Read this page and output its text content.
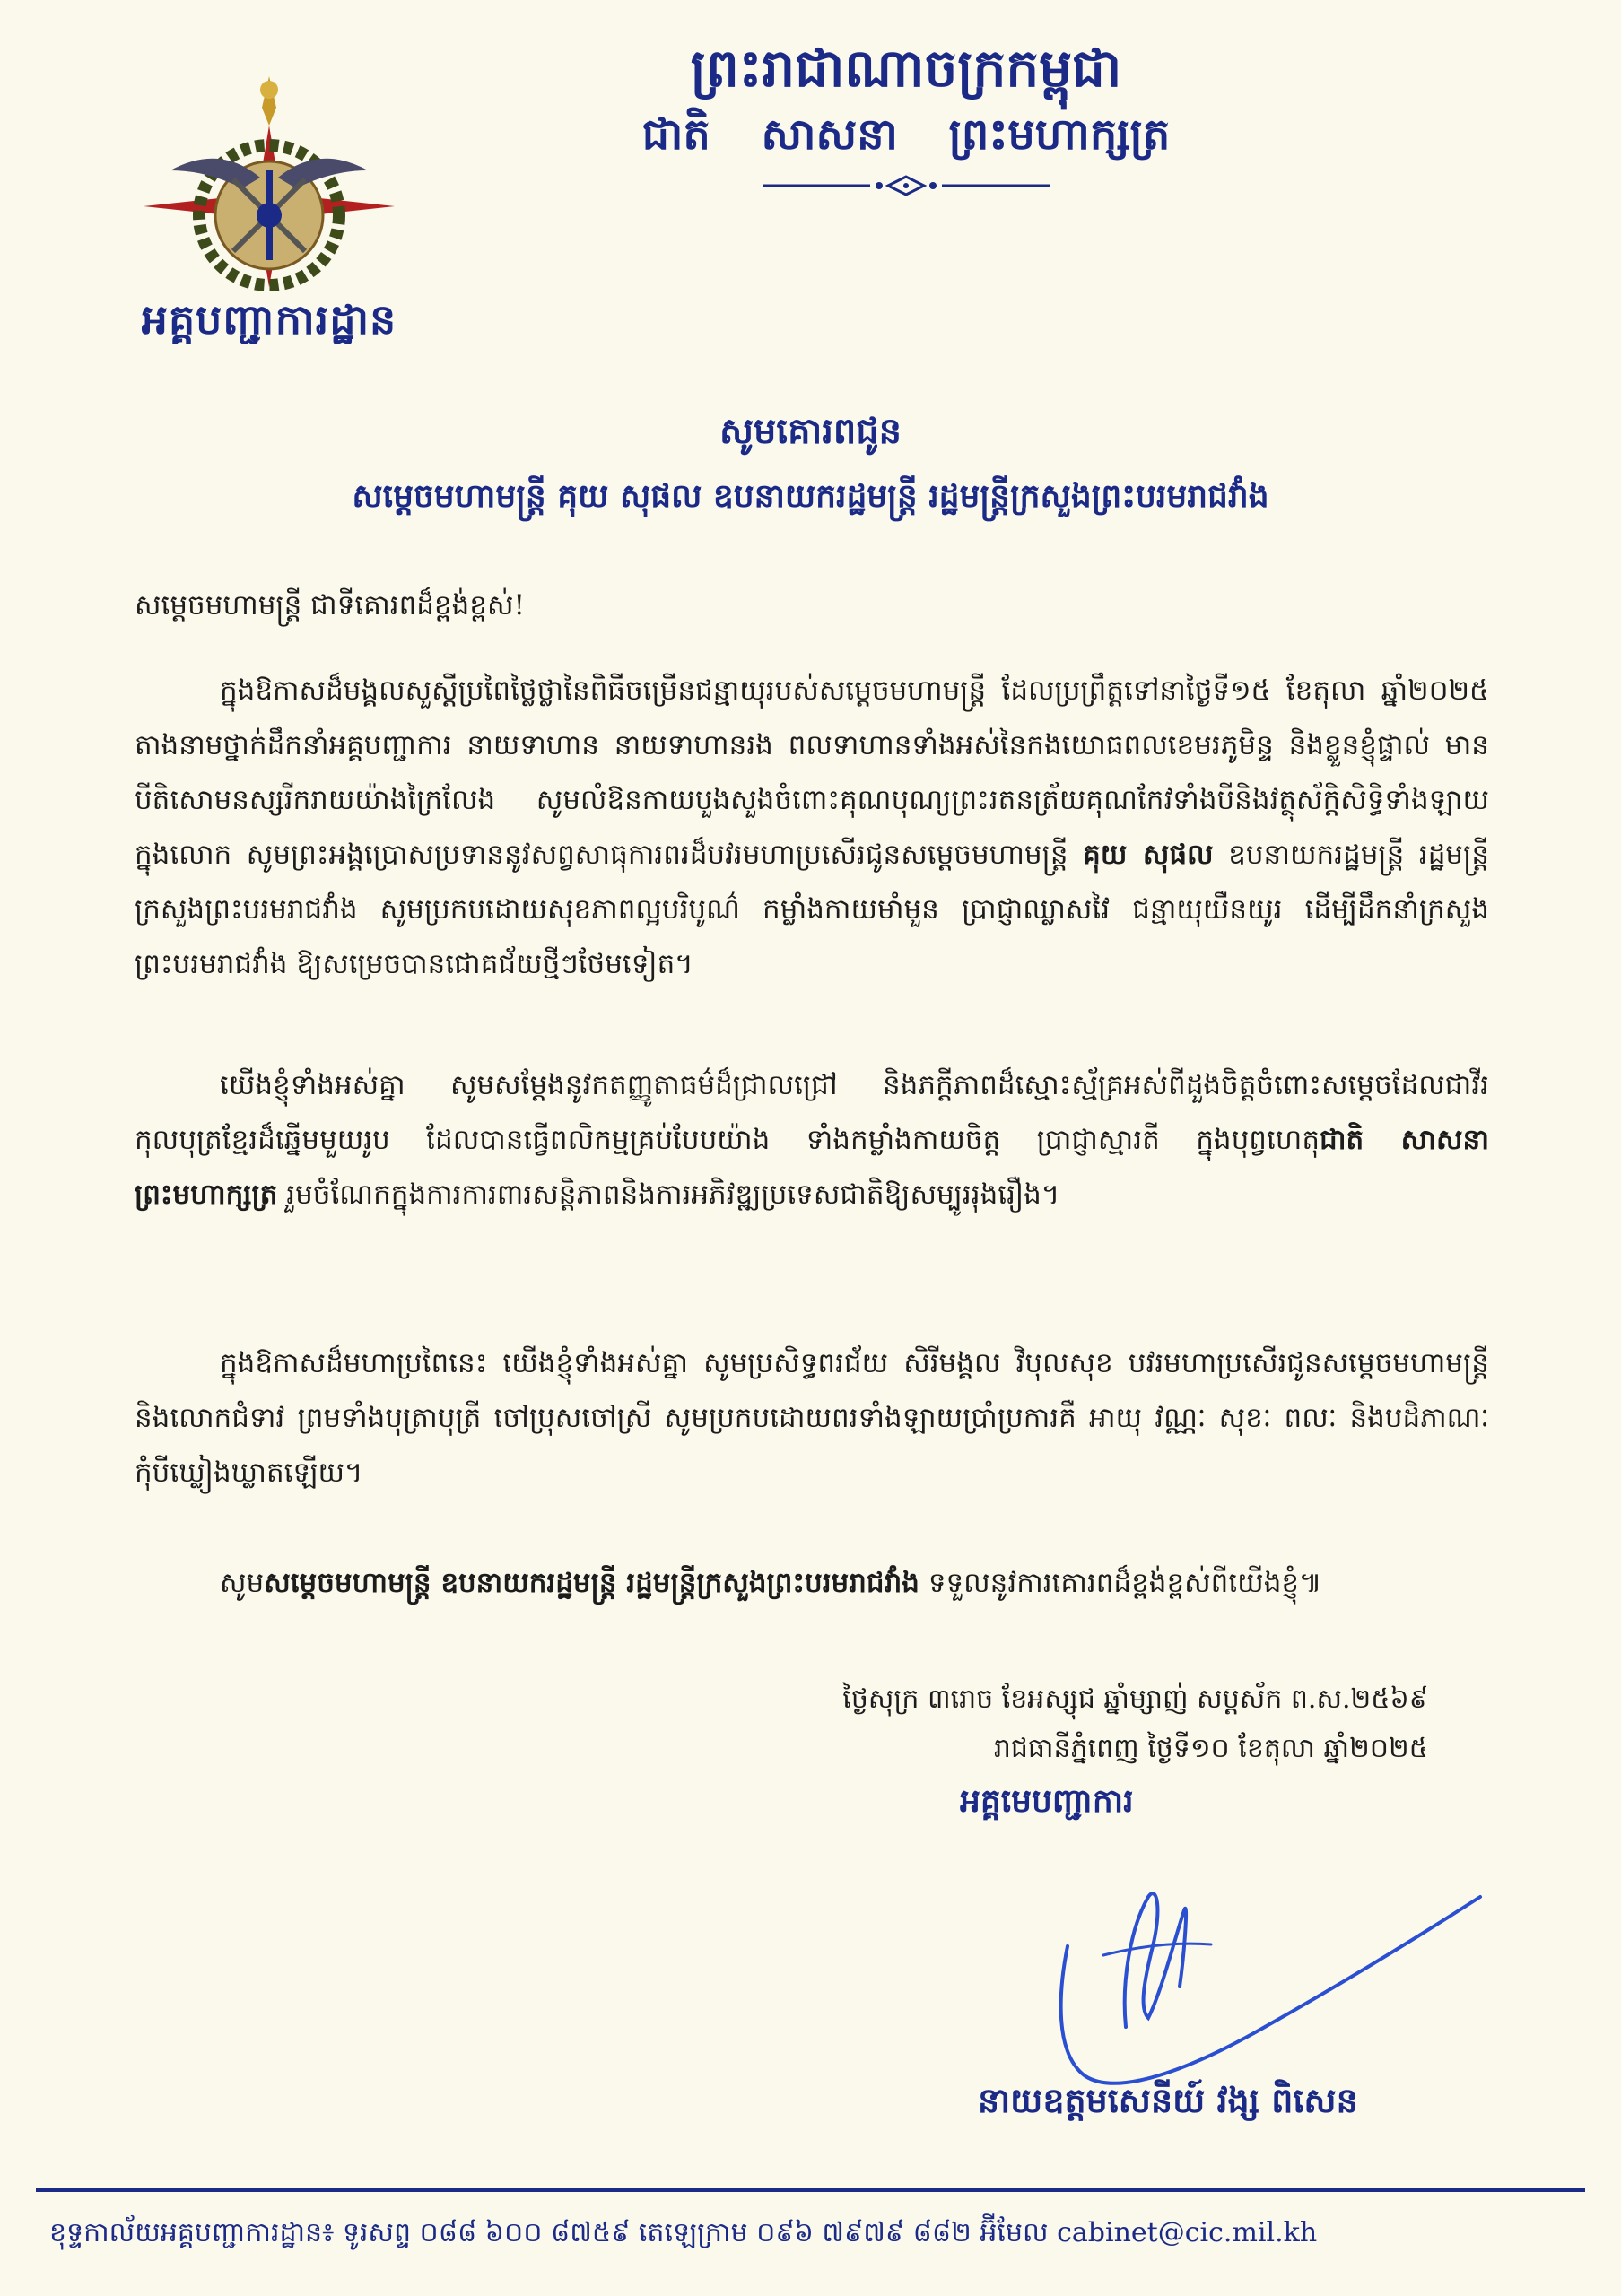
អគ្គបញ្ជាការដ្ឋាន
ព្រះរាជាណាចក្រកម្ពុជា
ជាតិ សាសនា ព្រះមហាក្សត្រ
សូមគោរពជូន
សម្ដេចមហាមន្ត្រី គុយ សុផល ឧបនាយករដ្ឋមន្ត្រី រដ្ឋមន្ត្រីក្រសួងព្រះបរមរាជវាំង
សម្តេចមហាមន្ត្រី ជាទីគោរពដ៏ខ្ពង់ខ្ពស់!
ក្នុងឱកាសដ៏មង្គលសួស្តីប្រពៃថ្លៃថ្លានៃពិធីចម្រើនជន្មាយុរបស់សម្តេចមហាមន្ត្រី ដែលប្រព្រឹត្តទៅនាថ្ងៃទី១៥ ខែតុលា ឆ្នាំ២០២៥ តាងនាមថ្នាក់ដឹកនាំអគ្គបញ្ជាការ នាយទាហាន នាយទាហានរង ពលទាហានទាំងអស់នៃកងយោធពលខេមរភូមិន្ទ និងខ្លួនខ្ញុំផ្ទាល់ មានបីតិសោមនស្សរីករាយយ៉ាងក្រៃលែង សូមលំឱនកាយបួងសួងចំពោះគុណបុណ្យព្រះរតនត្រ័យគុណកែវទាំងបីនិងវត្ថុស័ក្តិសិទ្ធិទាំងឡាយក្នុងលោក សូមព្រះអង្គប្រោសប្រទាននូវសព្វសាធុការពរដ៏បវរមហាប្រសើរជូនសម្តេចមហាមន្ត្រី គុយ សុផល ឧបនាយករដ្ឋមន្ត្រី រដ្ឋមន្ត្រីក្រសួងព្រះបរមរាជវាំង សូមប្រកបដោយសុខភាពល្អបរិបូណ៌ កម្លាំងកាយមាំមួន ប្រាជ្ញាឈ្លាសវៃ ជន្មាយុយឺនយូរ ដើម្បីដឹកនាំក្រសួងព្រះបរមរាជវាំង ឱ្យសម្រេចបានជោគជ័យថ្មីៗថែមទៀត។
យើងខ្ញុំទាំងអស់គ្នា សូមសម្តែងនូវកតញ្ញូតាធម៌ដ៏ជ្រាលជ្រៅ និងភក្តីភាពដ៏ស្មោះស្ម័គ្រអស់ពីដួងចិត្តចំពោះសម្តេចដែលជាវីរកុលបុត្រខ្មែរដ៏ឆ្នើមមួយរូប ដែលបានធ្វើពលិកម្មគ្រប់បែបយ៉ាង ទាំងកម្លាំងកាយចិត្ត ប្រាជ្ញាស្មារតី ក្នុងបុព្វហេតុជាតិ សាសនា ព្រះមហាក្សត្រ រួមចំណែកក្នុងការការពារសន្តិភាពនិងការអភិវឌ្ឍប្រទេសជាតិឱ្យសម្បូររុងរឿង។
ក្នុងឱកាសដ៏មហាប្រពៃនេះ យើងខ្ញុំទាំងអស់គ្នា សូមប្រសិទ្ធពរជ័យ សិរីមង្គល វិបុលសុខ បវរមហាប្រសើរជូនសម្តេចមហាមន្ត្រី និងលោកជំទាវ ព្រមទាំងបុត្រាបុត្រី ចៅប្រុសចៅស្រី សូមប្រកបដោយពរទាំងឡាយប្រាំប្រការគឺ អាយុ វណ្ណៈ សុខៈ ពលៈ និងបដិភាណៈ កុំបីឃ្លៀងឃ្លាតឡើយ។
សូមសម្តេចមហាមន្ត្រី ឧបនាយករដ្ឋមន្ត្រី រដ្ឋមន្ត្រីក្រសួងព្រះបរមរាជវាំង ទទួលនូវការគោរពដ៏ខ្ពង់ខ្ពស់ពីយើងខ្ញុំ៕
ថ្ងៃសុក្រ ៣រោច ខែអស្សុជ ឆ្នាំម្សាញ់ សប្តស័ក ព.ស.២៥៦៩
រាជធានីភ្នំពេញ ថ្ងៃទី១០ ខែតុលា ឆ្នាំ២០២៥
អគ្គមេបញ្ជាការ
នាយឧត្តមសេនីយ៍ វង្ស ពិសេន
ខុទ្ទកាល័យអគ្គបញ្ជាការដ្ឋាន៖ ទូរសព្ទ ០៨៨ ៦០០ ៨៧៥៩ តេឡេក្រាម ០៩៦ ៧៩៧៩ ៨៨២ អ៊ីមែល cabinet@cic.mil.kh
